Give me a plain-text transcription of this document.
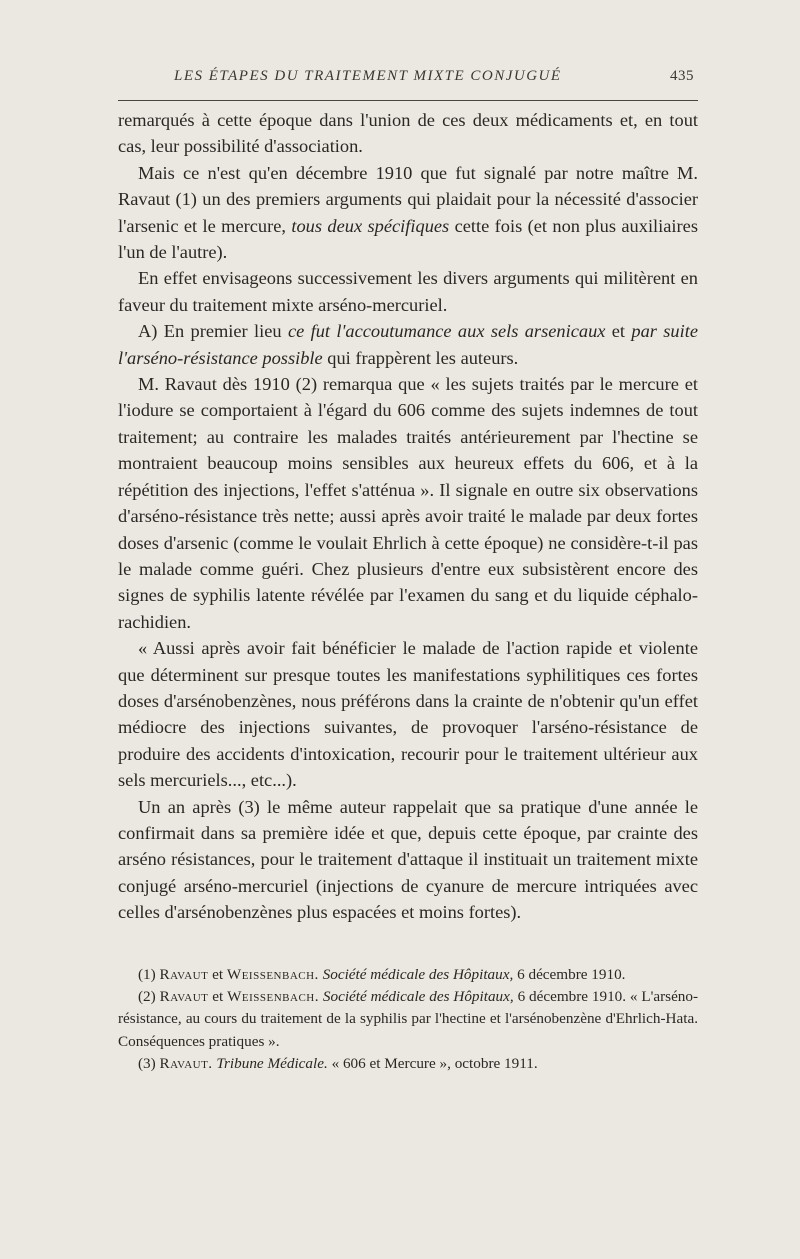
LES ÉTAPES DU TRAITEMENT MIXTE CONJUGUÉ	435

remarqués à cette époque dans l'union de ces deux médicaments et, en tout cas, leur possibilité d'association.

Mais ce n'est qu'en décembre 1910 que fut signalé par notre maître M. Ravaut (1) un des premiers arguments qui plaidait pour la nécessité d'associer l'arsenic et le mercure, tous deux spécifiques cette fois (et non plus auxiliaires l'un de l'autre).

En effet envisageons successivement les divers arguments qui militèrent en faveur du traitement mixte arséno-mercuriel.

A) En premier lieu ce fut l'accoutumance aux sels arsenicaux et par suite l'arséno-résistance possible qui frappèrent les auteurs.

M. Ravaut dès 1910 (2) remarqua que « les sujets traités par le mercure et l'iodure se comportaient à l'égard du 606 comme des sujets indemnes de tout traitement; au contraire les malades traités antérieurement par l'hectine se montraient beaucoup moins sensibles aux heureux effets du 606, et à la répétition des injections, l'effet s'atténua ». Il signale en outre six observations d'arséno-résistance très nette; aussi après avoir traité le malade par deux fortes doses d'arsenic (comme le voulait Ehrlich à cette époque) ne considère-t-il pas le malade comme guéri. Chez plusieurs d'entre eux subsistèrent encore des signes de syphilis latente révélée par l'examen du sang et du liquide céphalo-rachidien.

« Aussi après avoir fait bénéficier le malade de l'action rapide et violente que déterminent sur presque toutes les manifestations syphilitiques ces fortes doses d'arsénobenzènes, nous préférons dans la crainte de n'obtenir qu'un effet médiocre des injections suivantes, de provoquer l'arséno-résistance de produire des accidents d'intoxication, recourir pour le traitement ultérieur aux sels mercuriels..., etc...).

Un an après (3) le même auteur rappelait que sa pratique d'une année le confirmait dans sa première idée et que, depuis cette époque, par crainte des arséno résistances, pour le traitement d'attaque il instituait un traitement mixte conjugé arséno-mercuriel (injections de cyanure de mercure intriquées avec celles d'arsénobenzènes plus espacées et moins fortes).

(1) Ravaut et Weissenbach. Société médicale des Hôpitaux, 6 décembre 1910.

(2) Ravaut et Weissenbach. Société médicale des Hôpitaux, 6 décembre 1910. « L'arséno-résistance, au cours du traitement de la syphilis par l'hectine et l'arsénobenzène d'Ehrlich-Hata. Conséquences pratiques ».

(3) Ravaut. Tribune Médicale. « 606 et Mercure », octobre 1911.
